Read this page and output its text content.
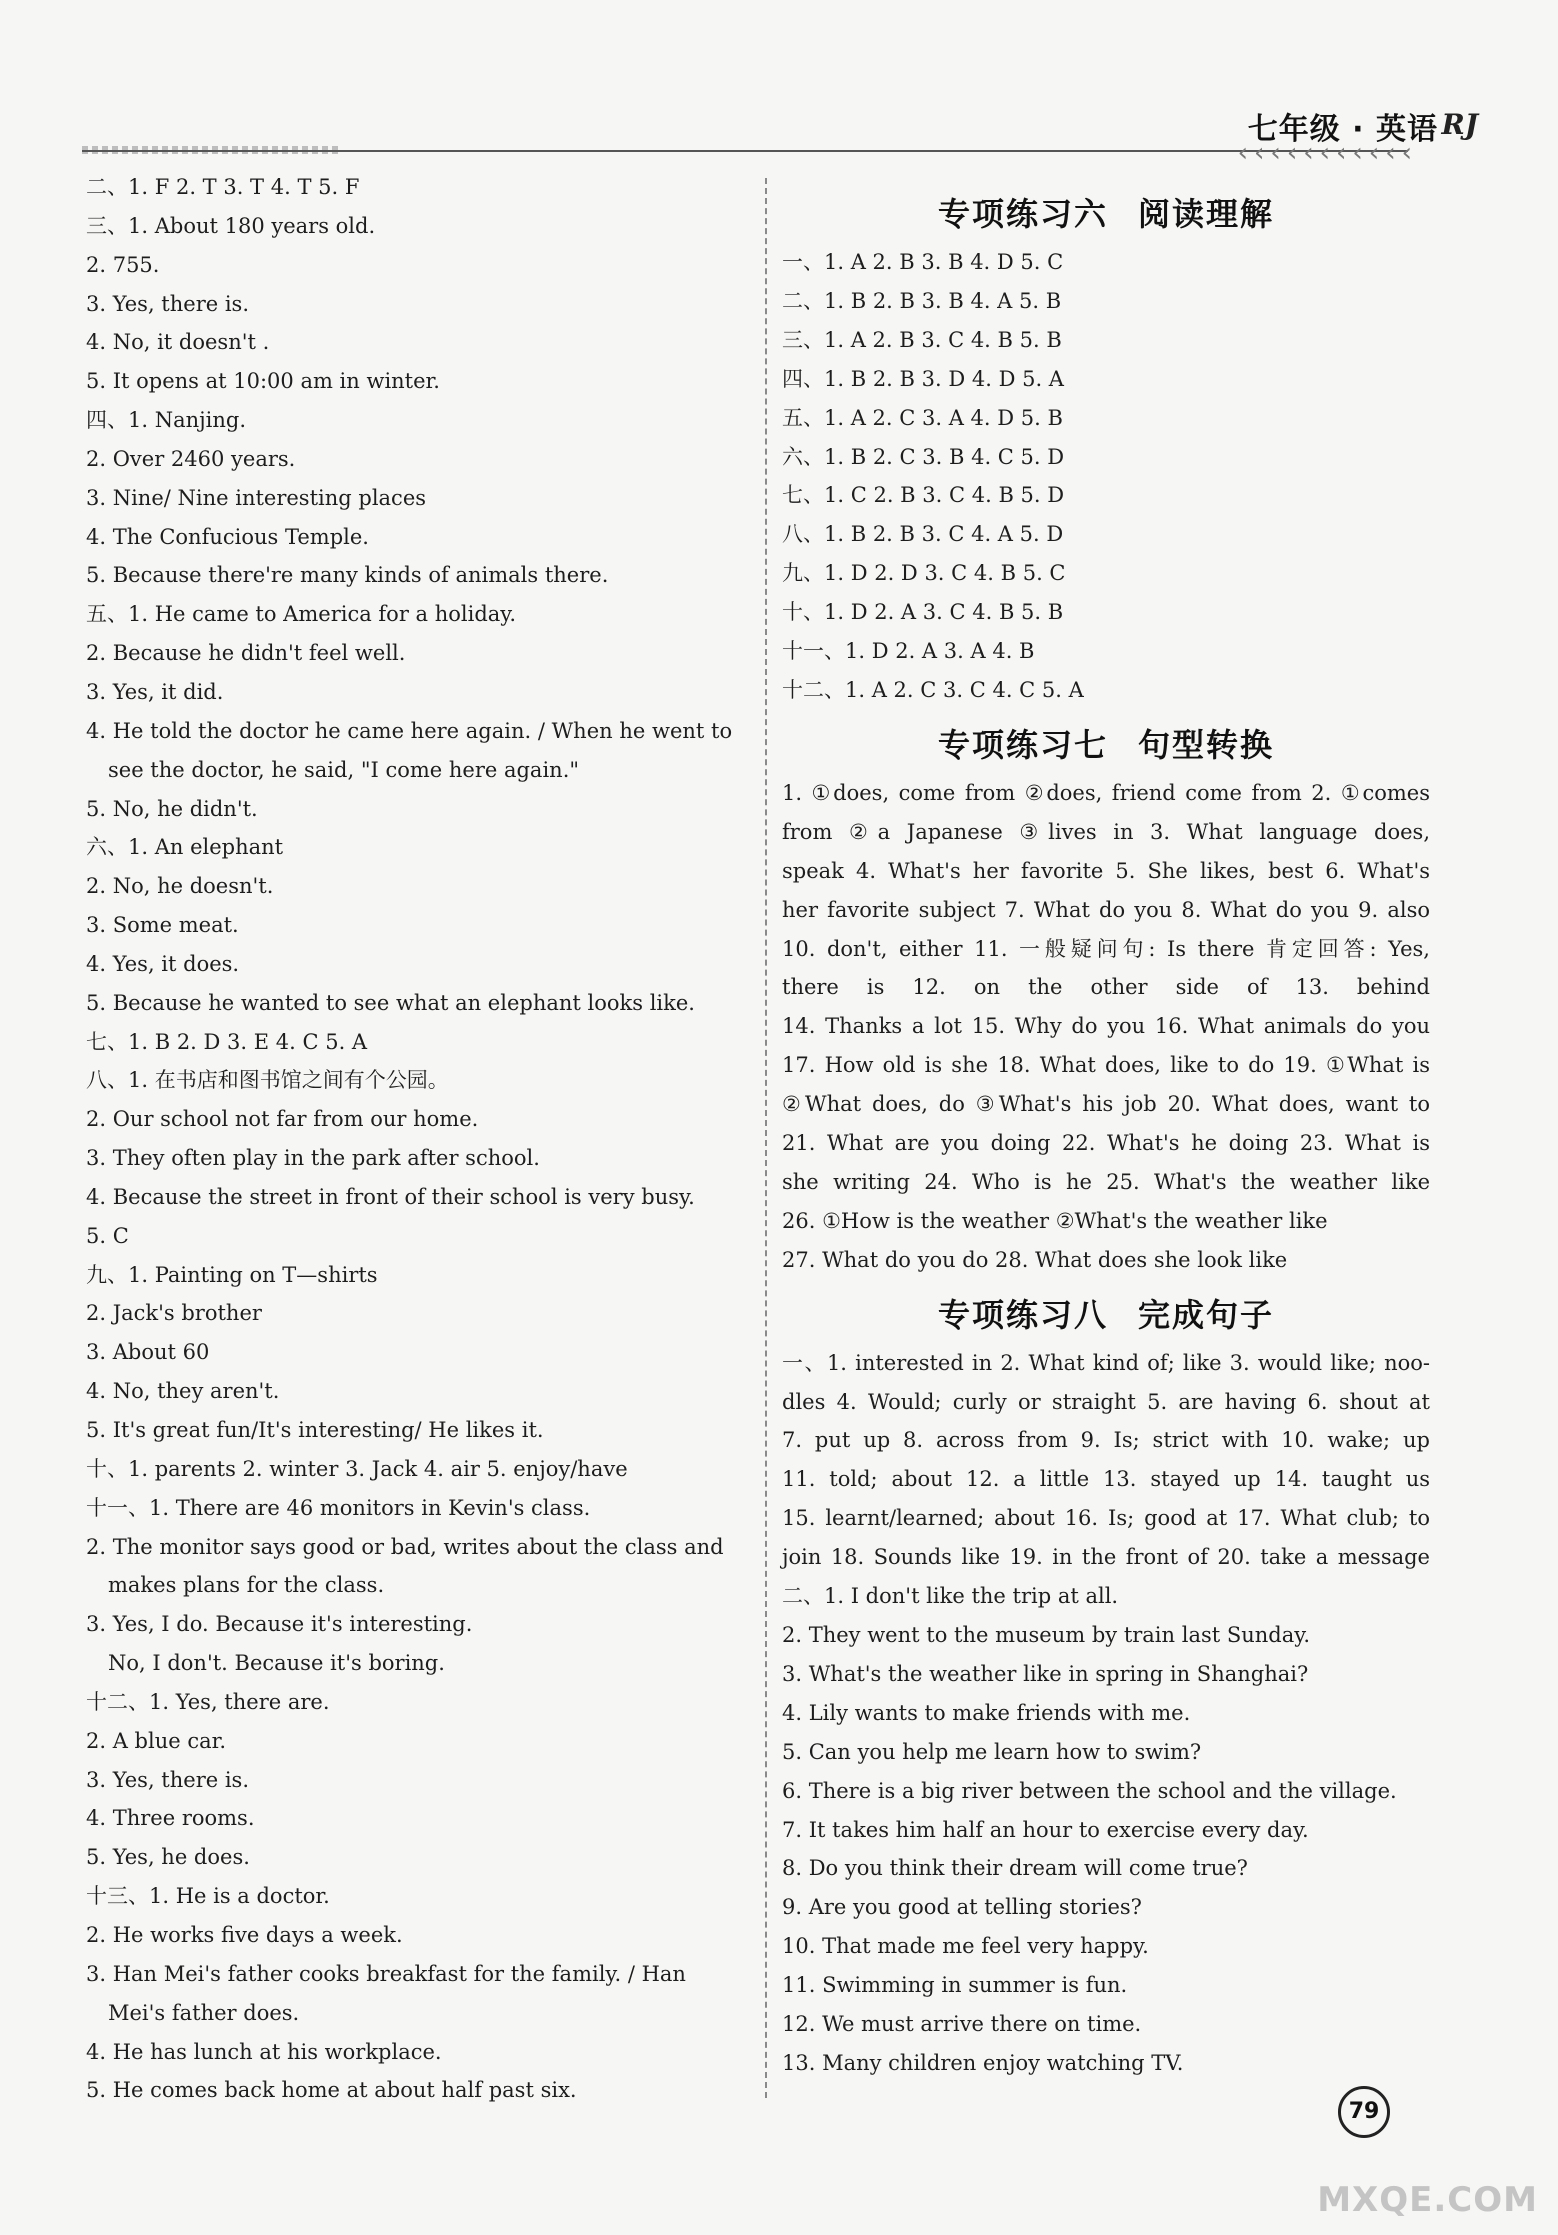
‹‹‹‹‹‹‹‹‹‹‹
七年级 · 英语 RJ
二、1. F 2. T 3. T 4. T 5. F
三、1. About 180 years old.
2. 755.
3. Yes, there is.
4. No, it doesn't .
5. It opens at 10:00 am in winter.
四、1. Nanjing.
2. Over 2460 years.
3. Nine/ Nine interesting places
4. The Confucious Temple.
5. Because there're many kinds of animals there.
五、1. He came to America for a holiday.
2. Because he didn't feel well.
3. Yes, it did.
4. He told the doctor he came here again. / When he went to
see the doctor, he said, "I come here again."
5. No, he didn't.
六、1. An elephant
2. No, he doesn't.
3. Some meat.
4. Yes, it does.
5. Because he wanted to see what an elephant looks like.
七、1. B 2. D 3. E 4. C 5. A
八、1. 在书店和图书馆之间有个公园。
2. Our school not far from our home.
3. They often play in the park after school.
4. Because the street in front of their school is very busy.
5. C
九、1. Painting on T—shirts
2. Jack's brother
3. About 60
4. No, they aren't.
5. It's great fun/It's interesting/ He likes it.
十、1. parents 2. winter 3. Jack 4. air 5. enjoy/have
十一、1. There are 46 monitors in Kevin's class.
2. The monitor says good or bad, writes about the class and
makes plans for the class.
3. Yes, I do. Because it's interesting.
No, I don't. Because it's boring.
十二、1. Yes, there are.
2. A blue car.
3. Yes, there is.
4. Three rooms.
5. Yes, he does.
十三、1. He is a doctor.
2. He works five days a week.
3. Han Mei's father cooks breakfast for the family. / Han
Mei's father does.
4. He has lunch at his workplace.
5. He comes back home at about half past six.
专项练习六 阅读理解
一、1. A 2. B 3. B 4. D 5. C
二、1. B 2. B 3. B 4. A 5. B
三、1. A 2. B 3. C 4. B 5. B
四、1. B 2. B 3. D 4. D 5. A
五、1. A 2. C 3. A 4. D 5. B
六、1. B 2. C 3. B 4. C 5. D
七、1. C 2. B 3. C 4. B 5. D
八、1. B 2. B 3. C 4. A 5. D
九、1. D 2. D 3. C 4. B 5. C
十、1. D 2. A 3. C 4. B 5. B
十一、1. D 2. A 3. A 4. B
十二、1. A 2. C 3. C 4. C 5. A
专项练习七 句型转换
1. ①does, come from ②does, friend come from 2. ①comes
from ②a Japanese ③lives in 3. What language does,
speak 4. What's her favorite 5. She likes, best 6. What's
her favorite subject 7. What do you 8. What do you 9. also
10. don't, either 11. 一般疑问句: Is there 肯定回答: Yes,
there is 12. on the other side of 13. behind
14. Thanks a lot 15. Why do you 16. What animals do you
17. How old is she 18. What does, like to do 19. ①What is
②What does, do ③What's his job 20. What does, want to
21. What are you doing 22. What's he doing 23. What is
she writing 24. Who is he 25. What's the weather like
26. ①How is the weather ②What's the weather like
27. What do you do 28. What does she look like
专项练习八 完成句子
一、1. interested in 2. What kind of; like 3. would like; noo-
dles 4. Would; curly or straight 5. are having 6. shout at
7. put up 8. across from 9. Is; strict with 10. wake; up
11. told; about 12. a little 13. stayed up 14. taught us
15. learnt/learned; about 16. Is; good at 17. What club; to
join 18. Sounds like 19. in the front of 20. take a message
二、1. I don't like the trip at all.
2. They went to the museum by train last Sunday.
3. What's the weather like in spring in Shanghai?
4. Lily wants to make friends with me.
5. Can you help me learn how to swim?
6. There is a big river between the school and the village.
7. It takes him half an hour to exercise every day.
8. Do you think their dream will come true?
9. Are you good at telling stories?
10. That made me feel very happy.
11. Swimming in summer is fun.
12. We must arrive there on time.
13. Many children enjoy watching TV.
79
MXQE.COM
